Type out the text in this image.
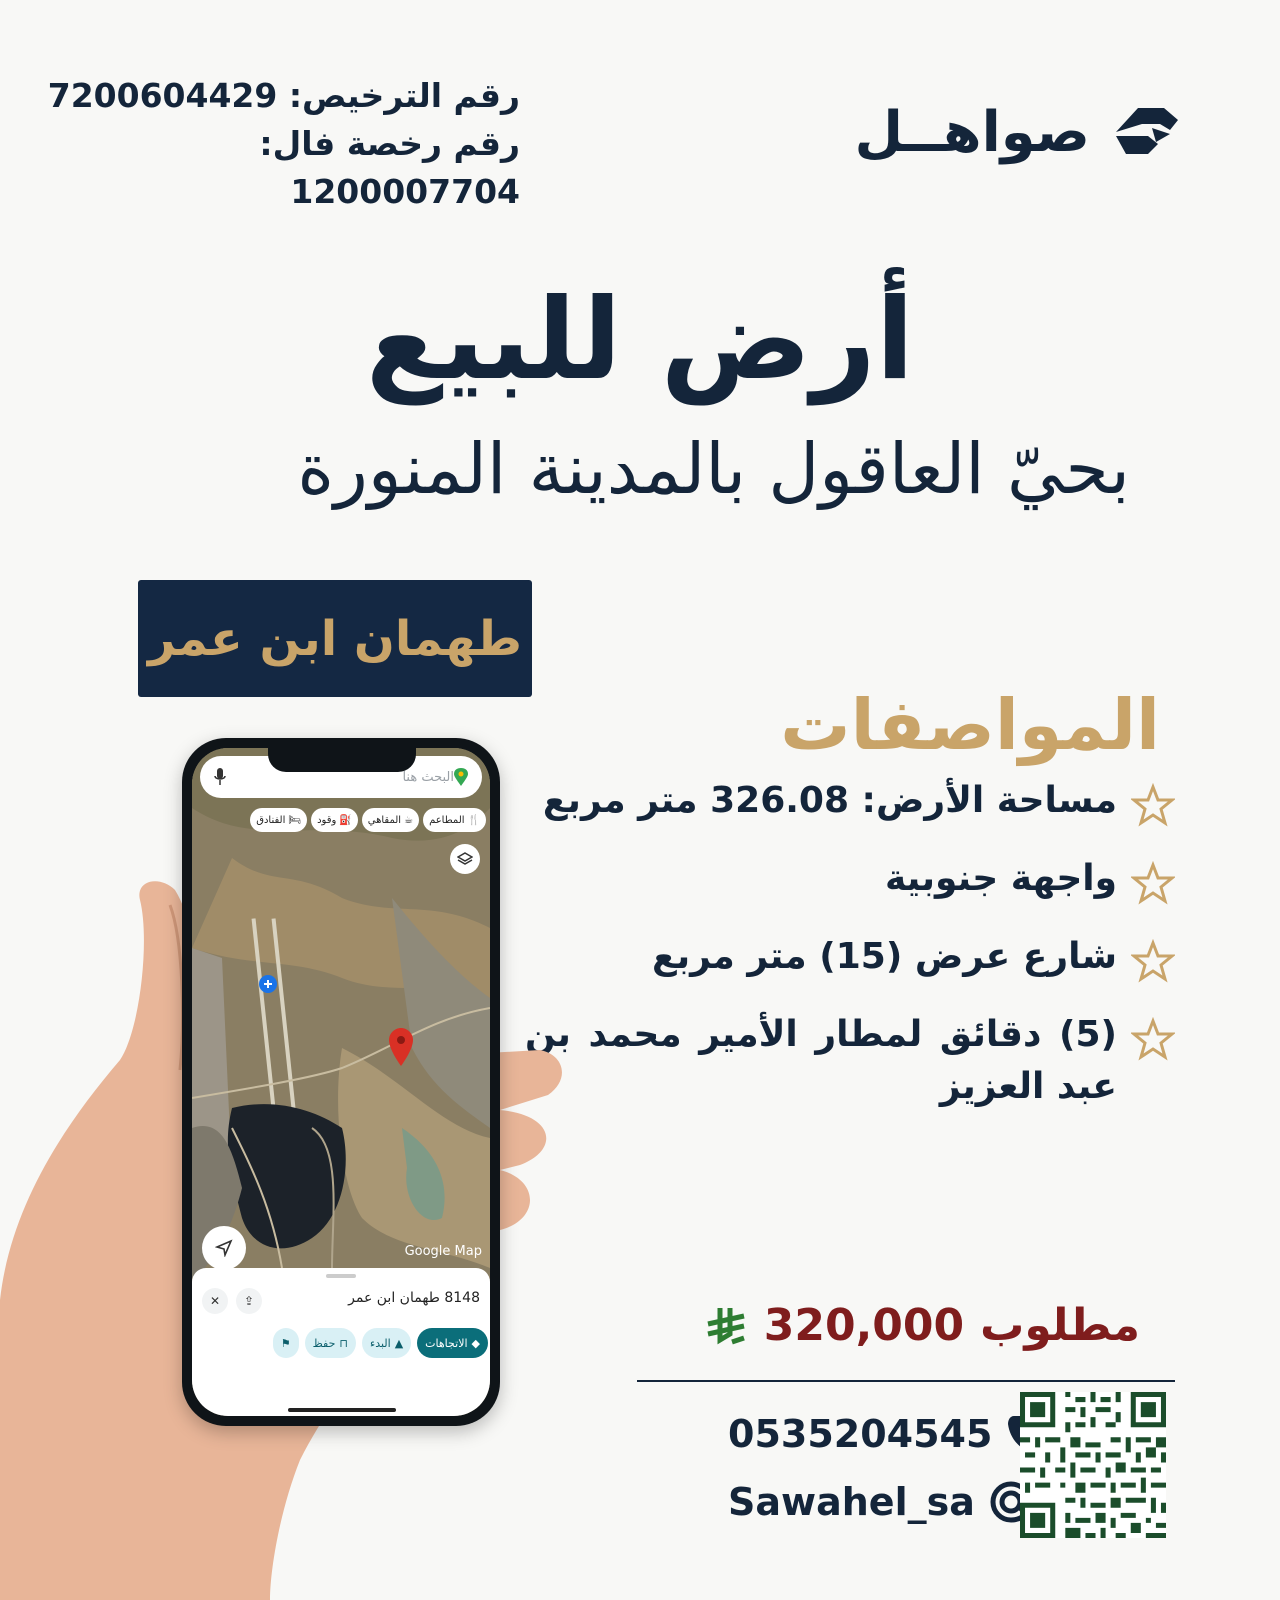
رقم الترخيص: 7200604429
رقم رخصة فال: 1200007704
صواهــل
أرض للبيع
بحيّ العاقول بالمدينة المنورة
طهمان ابن عمر
المواصفات
مساحة الأرض: 326.08 متر مربع
واجهة جنوبية
شارع عرض (15) متر مربع
(5) دقائق لمطار الأمير محمد بن عبد العزيز
مطلوب
320,000
0535204545
Sawahel_sa
البحث هنا
🍴
المطاعم
☕
المقاهي
⛽
وقود
🛏
الفنادق
Google Map
8148 طهمان ابن عمر
✕	⇪
◆
الاتجاهات
▲
البدء
⊓
حفظ
⚑
